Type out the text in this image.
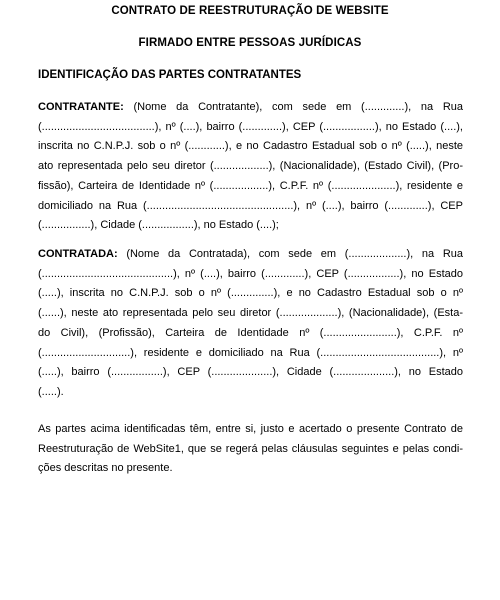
CONTRATO DE REESTRUTURAÇÃO DE WEBSITE
FIRMADO ENTRE PESSOAS JURÍDICAS
IDENTIFICAÇÃO DAS PARTES CONTRATANTES
CONTRATANTE: (Nome da Contratante), com sede em (.............), na Rua
(.....................................), nº (....), bairro (.............), CEP (.................), no Estado (....),
inscrita no C.N.P.J. sob o nº (............), e no Cadastro Estadual sob o nº (.....), neste
ato representada pelo seu diretor (..................), (Nacionalidade), (Estado Civil), (Pro-
fissão), Carteira de Identidade nº (..................), C.P.F. nº (.....................), residente e
domiciliado na Rua (................................................), nº (....), bairro (.............), CEP
(................), Cidade (.................), no Estado (....);
CONTRATADA: (Nome da Contratada), com sede em (...................), na Rua
(...........................................), nº (....), bairro (.............), CEP (.................), no Estado
(.....), inscrita no C.N.P.J. sob o nº (..............), e no Cadastro Estadual sob o nº
(......), neste ato representada pelo seu diretor (...................), (Nacionalidade), (Esta-
do Civil), (Profissão), Carteira de Identidade nº (........................), C.P.F. nº
(.............................), residente e domiciliado na Rua (.......................................), nº
(.....), bairro (.................), CEP (....................), Cidade (....................), no Estado
(.....).
As partes acima identificadas têm, entre si, justo e acertado o presente Contrato de
Reestruturação de WebSite1, que se regerá pelas cláusulas seguintes e pelas condi-
ções descritas no presente.
